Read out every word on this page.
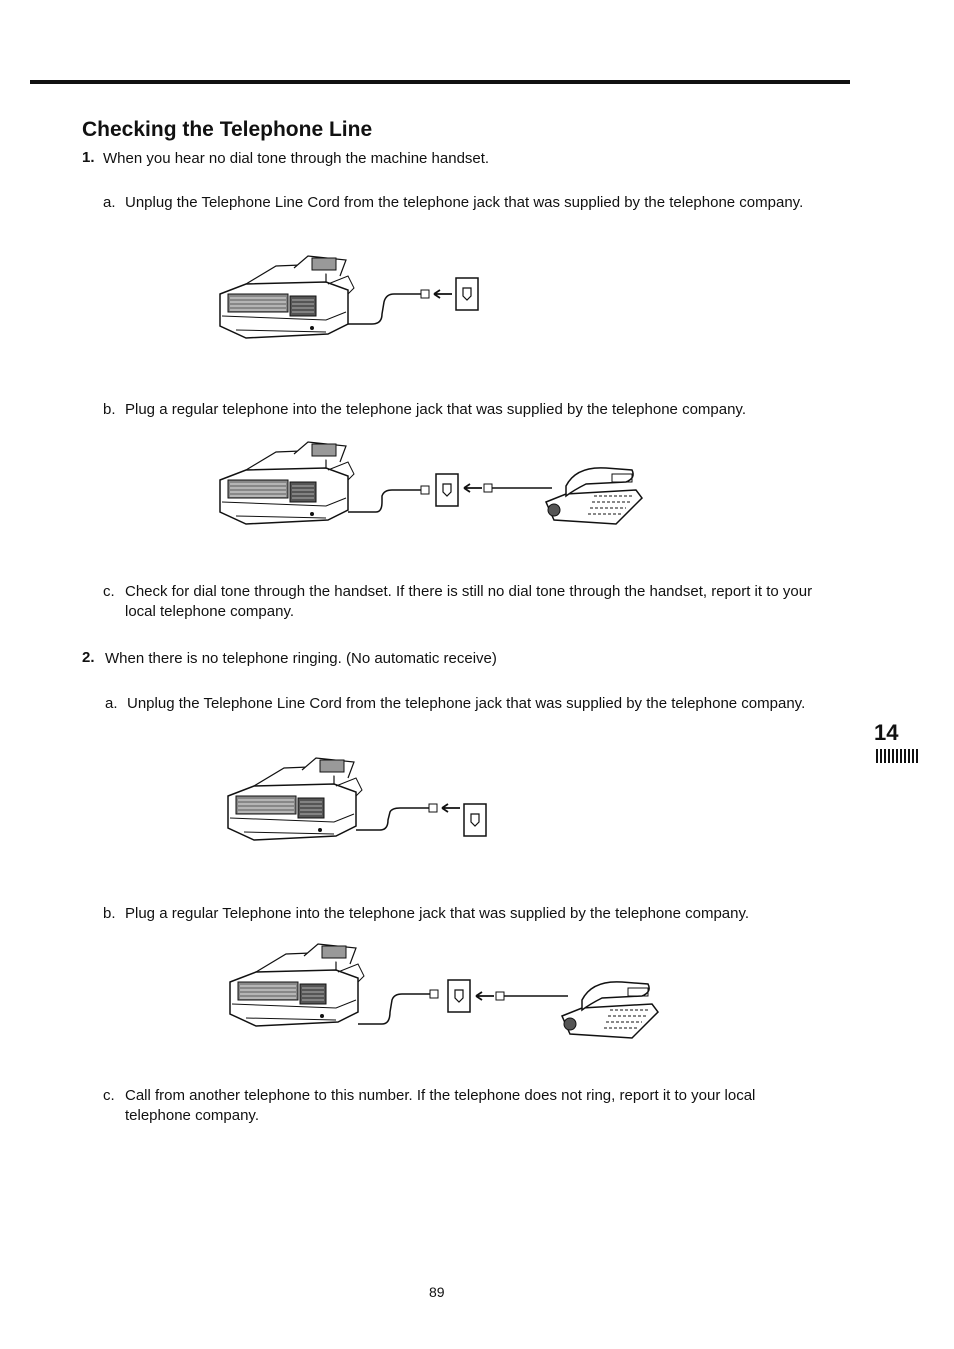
Checking the Telephone Line
1. When you hear no dial tone through the machine handset.
a. Unplug the Telephone Line Cord from the telephone jack that was supplied by the telephone company.
b. Plug a regular telephone into the telephone jack that was supplied by the telephone company.
c. Check for dial tone through the handset. If there is still no dial tone through the handset, report it to your local telephone company.
2. When there is no telephone ringing. (No automatic receive)
a. Unplug the Telephone Line Cord from the telephone jack that was supplied by the telephone company.
b. Plug a regular Telephone into the telephone jack that was supplied by the telephone company.
c. Call from another telephone to this number. If the telephone does not ring, report it to your local telephone company.
14
89
